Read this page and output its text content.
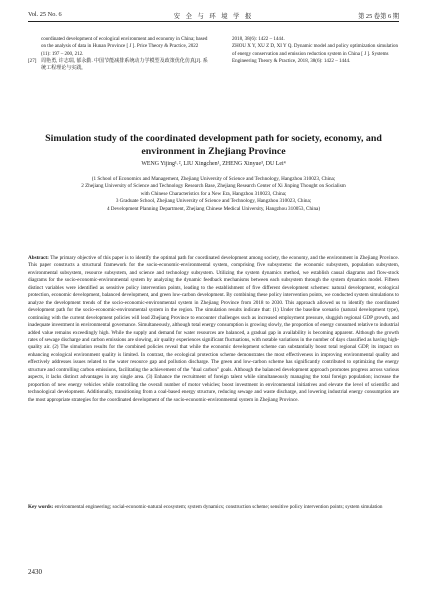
Vol. 25 No. 6	安 全 与 环 境 学 报	第 25 卷第 6 期
coordinated development of ecological environment and economy in China; based on the analysis of data in Hunan Province [ J ]. Price Theory & Practice, 2022 (11): 197 – 200, 212.
[27] 周艳勇, 许志瑞, 郁永勤. 中国节能减排系统动力学模型及政策优化仿真[J]. 系统工程理论与实践,
2018, 38(6): 1422 – 1444.
ZHOU X Y, XU Z D, XI Y Q. Dynamic model and policy optimization simulation of energy conservation and emission reduction system in China [ J ]. Systems Engineering Theory & Practice, 2018, 38(6): 1422 – 1444.
Simulation study of the coordinated development path for society, economy, and environment in Zhejiang Province
WENG Yijing¹˒², LIU Xingchen¹, ZHENG Xinyue³, DU Lei⁴
(1 School of Economics and Management, Zhejiang University of Science and Technology, Hangzhou 310023, China;
2 Zhejiang University of Science and Technology Research Base, Zhejiang Research Center of Xi Jinping Thought on Socialism
with Chinese Characteristics for a New Era, Hangzhou 310023, China;
3 Graduate School, Zhejiang University of Science and Technology, Hangzhou 310023, China;
4 Development Planning Department, Zhejiang Chinese Medical University, Hangzhou 310053, China)
Abstract: The primary objective of this paper is to identify the optimal path for coordinated development among society, the economy, and the environment in Zhejiang Province. This paper constructs a structural framework for the socio-economic-environmental system, comprising five subsystems: the economic subsystem, population subsystem, environmental subsystem, resource subsystem, and science and technology subsystem. Utilizing the system dynamics method, we establish causal diagrams and flow-stock diagrams for the socio-economic-environmental system by analyzing the dynamic feedback mechanisms between each subsystem through the system dynamics model. Fifteen distinct variables were identified as sensitive policy intervention points, leading to the establishment of five different development schemes: natural development, ecological protection, economic development, balanced development, and green low-carbon development. By combining these policy intervention points, we conducted system simulations to analyze the development trends of the socio-economic-environmental system in Zhejiang Province from 2018 to 2030. This approach allowed us to identify the coordinated development path for the socio-economic-environmental system in the region. The simulation results indicate that: (1) Under the baseline scenario (natural development type), continuing with the current development policies will lead Zhejiang Province to encounter challenges such as increased employment pressure, sluggish regional GDP growth, and inadequate investment in environmental governance. Simultaneously, although total energy consumption is growing slowly, the proportion of energy consumed relative to industrial added value remains exceedingly high. While the supply and demand for water resources are balanced, a gradual gap in availability is becoming apparent. Although the growth rates of sewage discharge and carbon emissions are slowing, air quality experiences significant fluctuations, with notable variations in the number of days classified as having high-quality air. (2) The simulation results for the combined policies reveal that while the economic development scheme can substantially boost total regional GDP, its impact on enhancing ecological environment quality is limited. In contrast, the ecological protection scheme demonstrates the most effectiveness in improving environmental quality and effectively addresses issues related to the water resource gap and pollution discharge. The green and low-carbon scheme has significantly contributed to optimizing the energy structure and controlling carbon emissions, facilitating the achievement of the "dual carbon" goals. Although the balanced development approach promotes progress across various aspects, it lacks distinct advantages in any single area. (3) Enhance the recruitment of foreign talent while simultaneously managing the total foreign population; increase the proportion of new energy vehicles while controlling the overall number of motor vehicles; boost investment in environmental initiatives and elevate the level of scientific and technological development. Additionally, transitioning from a coal-based energy structure, reducing sewage and waste discharge, and lowering industrial energy consumption are the most appropriate strategies for the coordinated development of the socio-economic-environmental system in Zhejiang Province.
Key words: environmental engineering; social-economic-natural ecosystem; system dynamics; construction scheme; sensitive policy intervention points; system simulation
2430
